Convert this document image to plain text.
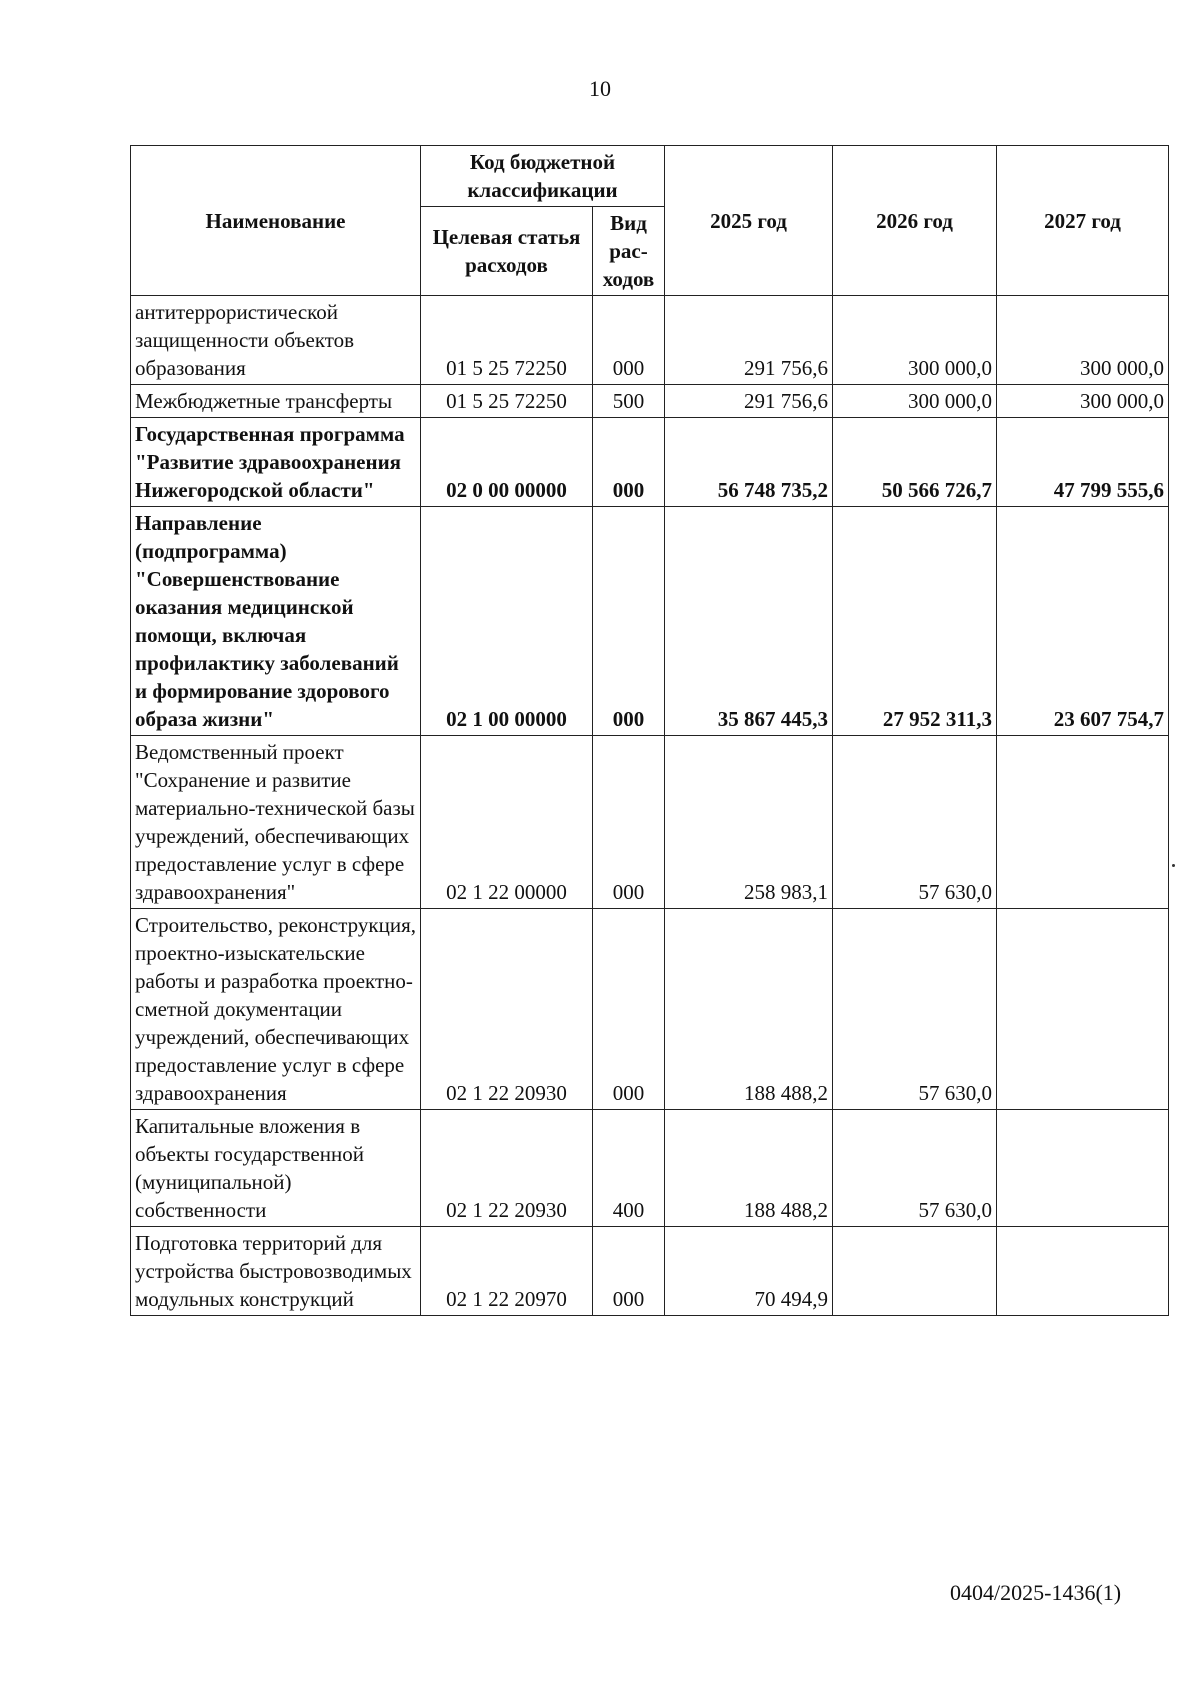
10
Наименование	Код бюджетной классификации		2025 год	2026 год	2027 год
	Целевая статья расходов	Вид рас-ходов			
антитеррористической защищенности объектов образования	01 5 25 72250	000	291 756,6	300 000,0	300 000,0
Межбюджетные трансферты	01 5 25 72250	500	291 756,6	300 000,0	300 000,0
Государственная программа "Развитие здравоохранения Нижегородской области"	02 0 00 00000	000	56 748 735,2	50 566 726,7	47 799 555,6
Направление (подпрограмма) "Совершенствование оказания медицинской помощи, включая профилактику заболеваний и формирование здорового образа жизни"	02 1 00 00000	000	35 867 445,3	27 952 311,3	23 607 754,7
Ведомственный проект "Сохранение и развитие материально-технической базы учреждений, обеспечивающих предоставление услуг в сфере здравоохранения"	02 1 22 00000	000	258 983,1	57 630,0	
Строительство, реконструкция, проектно-изыскательские работы и разработка проектно-сметной документации учреждений, обеспечивающих предоставление услуг в сфере здравоохранения	02 1 22 20930	000	188 488,2	57 630,0	
Капитальные вложения в объекты государственной (муниципальной) собственности	02 1 22 20930	400	188 488,2	57 630,0	
Подготовка территорий для устройства быстровозводимых модульных конструкций	02 1 22 20970	000	70 494,9		
0404/2025-1436(1)
